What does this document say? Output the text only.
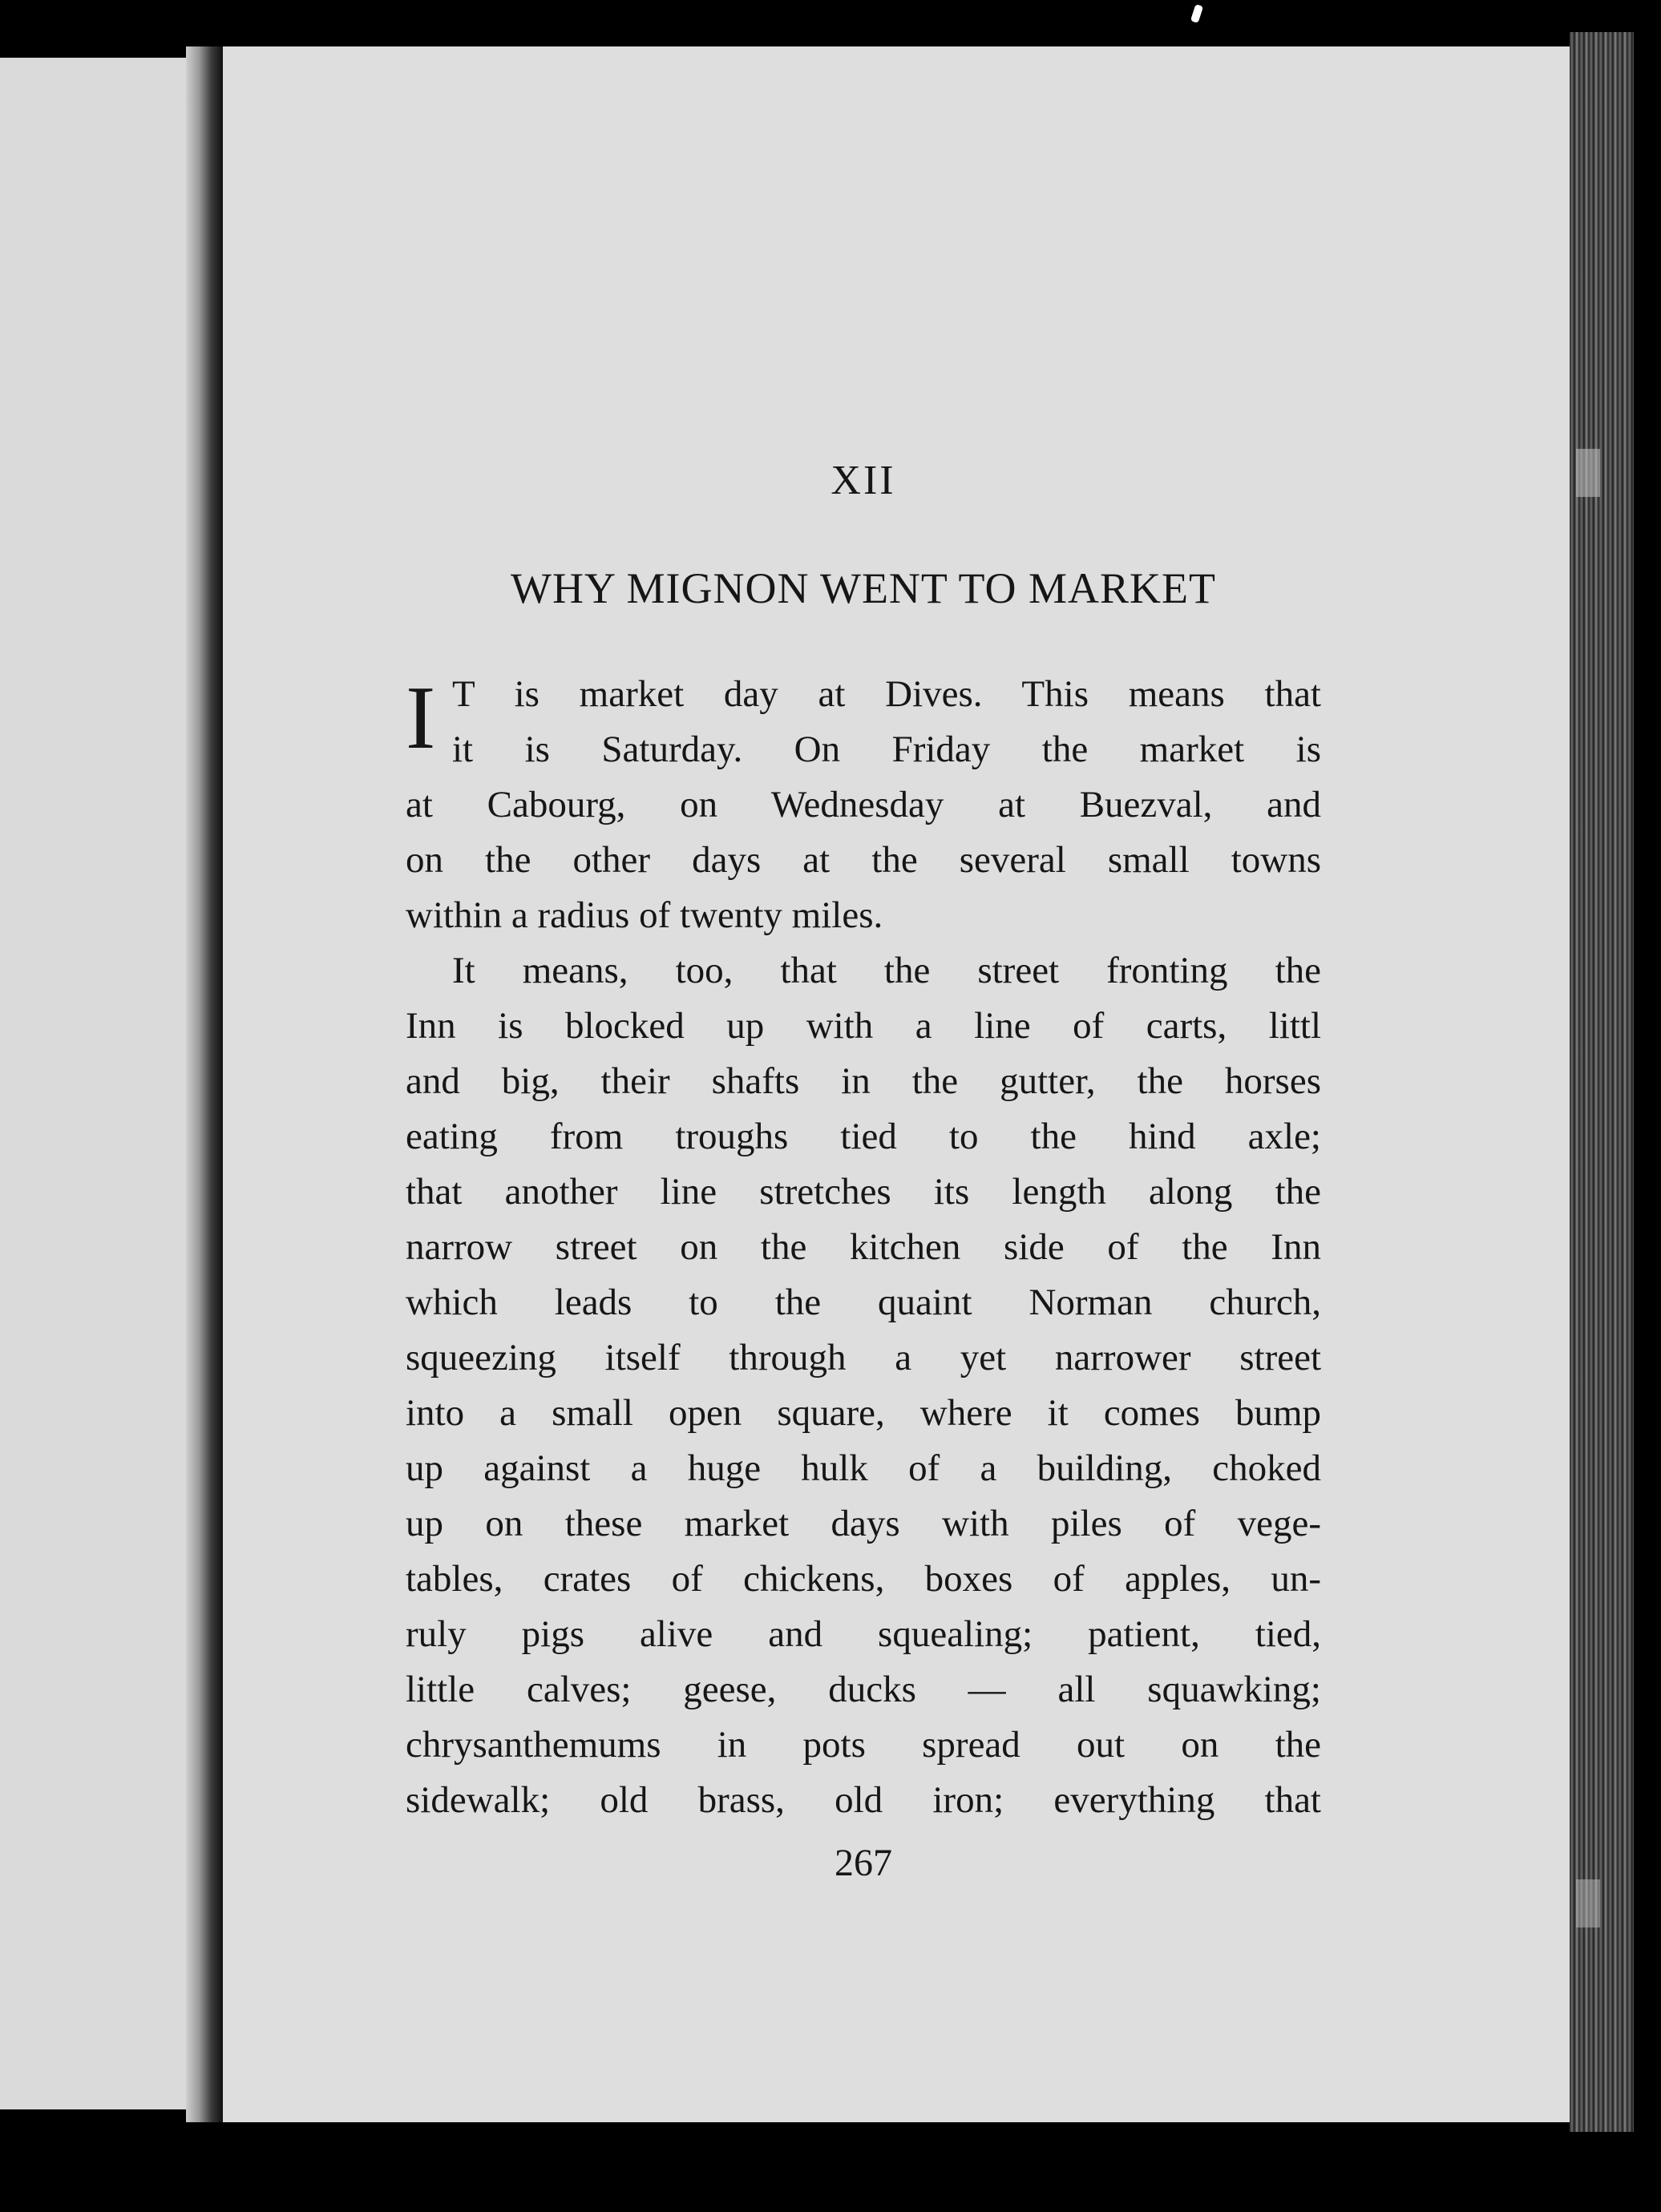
XII
WHY MIGNON WENT TO MARKET
I T is market day at Dives. This means that
it is Saturday. On Friday the market is
at Cabourg, on Wednesday at Buezval, and
on the other days at the several small towns
within a radius of twenty miles.
It means, too, that the street fronting the
Inn is blocked up with a line of carts, littl
and big, their shafts in the gutter, the horses
eating from troughs tied to the hind axle;
that another line stretches its length along the
narrow street on the kitchen side of the Inn
which leads to the quaint Norman church,
squeezing itself through a yet narrower street
into a small open square, where it comes bump
up against a huge hulk of a building, choked
up on these market days with piles of vege-
tables, crates of chickens, boxes of apples, un-
ruly pigs alive and squealing; patient, tied,
little calves; geese, ducks — all squawking;
chrysanthemums in pots spread out on the
sidewalk; old brass, old iron; everything that
267
